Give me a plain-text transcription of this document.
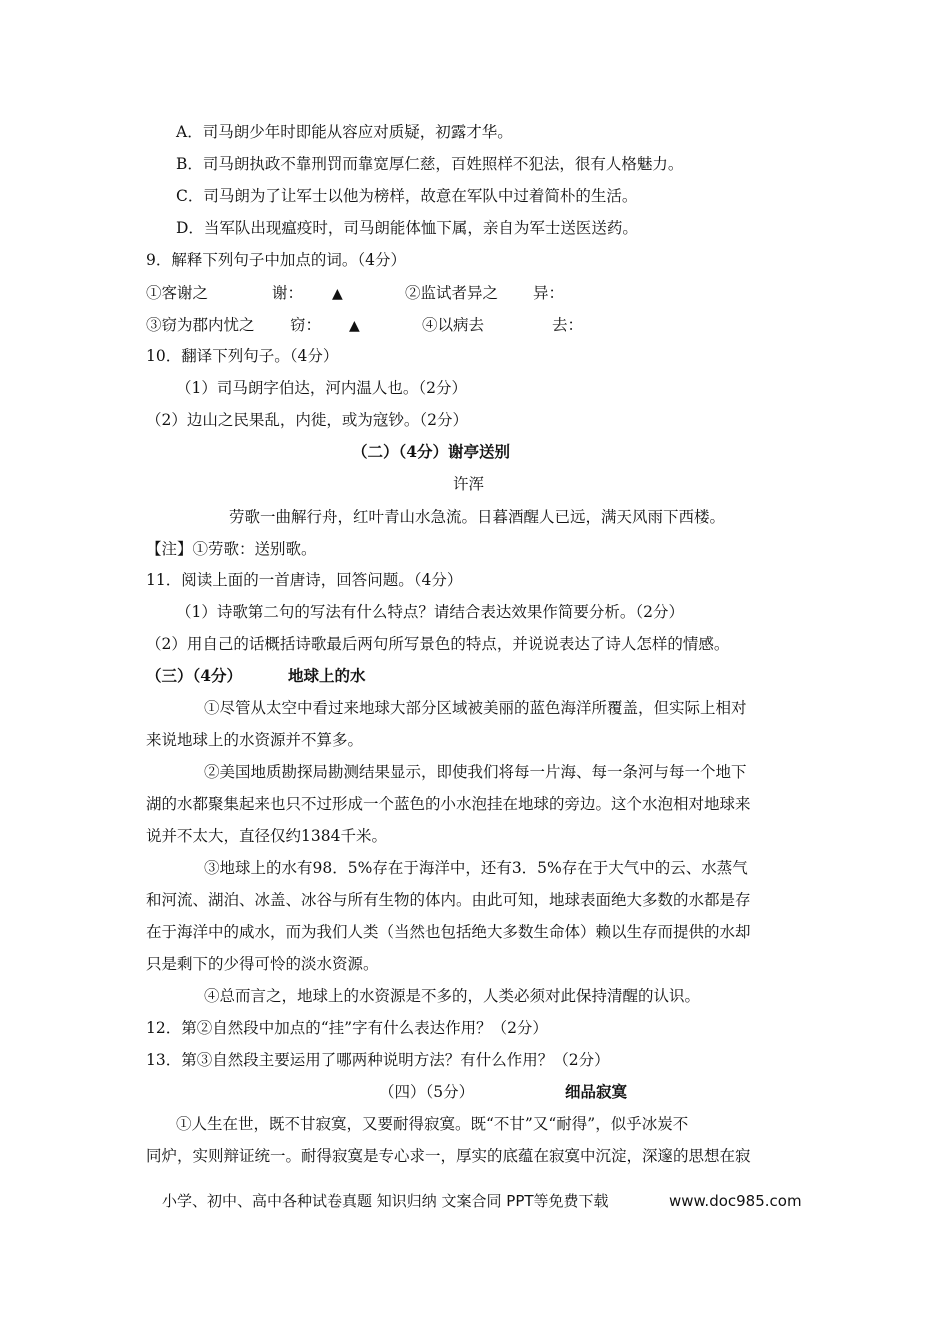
A．司马朗少年时即能从容应对质疑，初露才华。
B．司马朗执政不靠刑罚而靠宽厚仁慈，百姓照样不犯法，很有人格魅力。
C．司马朗为了让军士以他为榜样，故意在军队中过着简朴的生活。
D．当军队出现瘟疫时，司马朗能体恤下属，亲自为军士送医送药。
9．解释下列句子中加点的词。（4分）
①客谢之	谢： ▲	②监试者异之 异：
③窃为郡内忧之 窃： ▲	④以病去	去：
10．翻译下列句子。（4分）
（1）司马朗字伯达，河内温人也。（2分）
（2）边山之民果乱，内徙，或为寇钞。（2分）
（二）（4分）谢亭送别
许浑
劳歌一曲解行舟，红叶青山水急流。日暮酒醒人已远，满天风雨下西楼。
【注】①劳歌：送别歌。
11．阅读上面的一首唐诗，回答问题。（4分）
（1）诗歌第二句的写法有什么特点？请结合表达效果作简要分析。（2分）
（2）用自己的话概括诗歌最后两句所写景色的特点，并说说表达了诗人怎样的情感。
（三）（4分）	地球上的水
①尽管从太空中看过来地球大部分区域被美丽的蓝色海洋所覆盖，但实际上相对
来说地球上的水资源并不算多。
②美国地质勘探局勘测结果显示，即使我们将每一片海、每一条河与每一个地下
湖的水都聚集起来也只不过形成一个蓝色的小水泡挂在地球的旁边。这个水泡相对地球来
说并不太大，直径仅约1384千米。
③地球上的水有98．5%存在于海洋中，还有3．5%存在于大气中的云、水蒸气
和河流、湖泊、冰盖、冰谷与所有生物的体内。由此可知，地球表面绝大多数的水都是存
在于海洋中的咸水，而为我们人类（当然也包括绝大多数生命体）赖以生存而提供的水却
只是剩下的少得可怜的淡水资源。
④总而言之，地球上的水资源是不多的，人类必须对此保持清醒的认识。
12．第②自然段中加点的“挂”字有什么表达作用？（2分）
13．第③自然段主要运用了哪两种说明方法？有什么作用？（2分）
（四）（5分）	细品寂寞
①人生在世，既不甘寂寞，又要耐得寂寞。既“不甘”又“耐得”，似乎冰炭不
同炉，实则辩证统一。耐得寂寞是专心求一，厚实的底蕴在寂寞中沉淀，深邃的思想在寂
小学、初中、高中各种试卷真题 知识归纳 文案合同 PPT等免费下载	www.doc985.com
